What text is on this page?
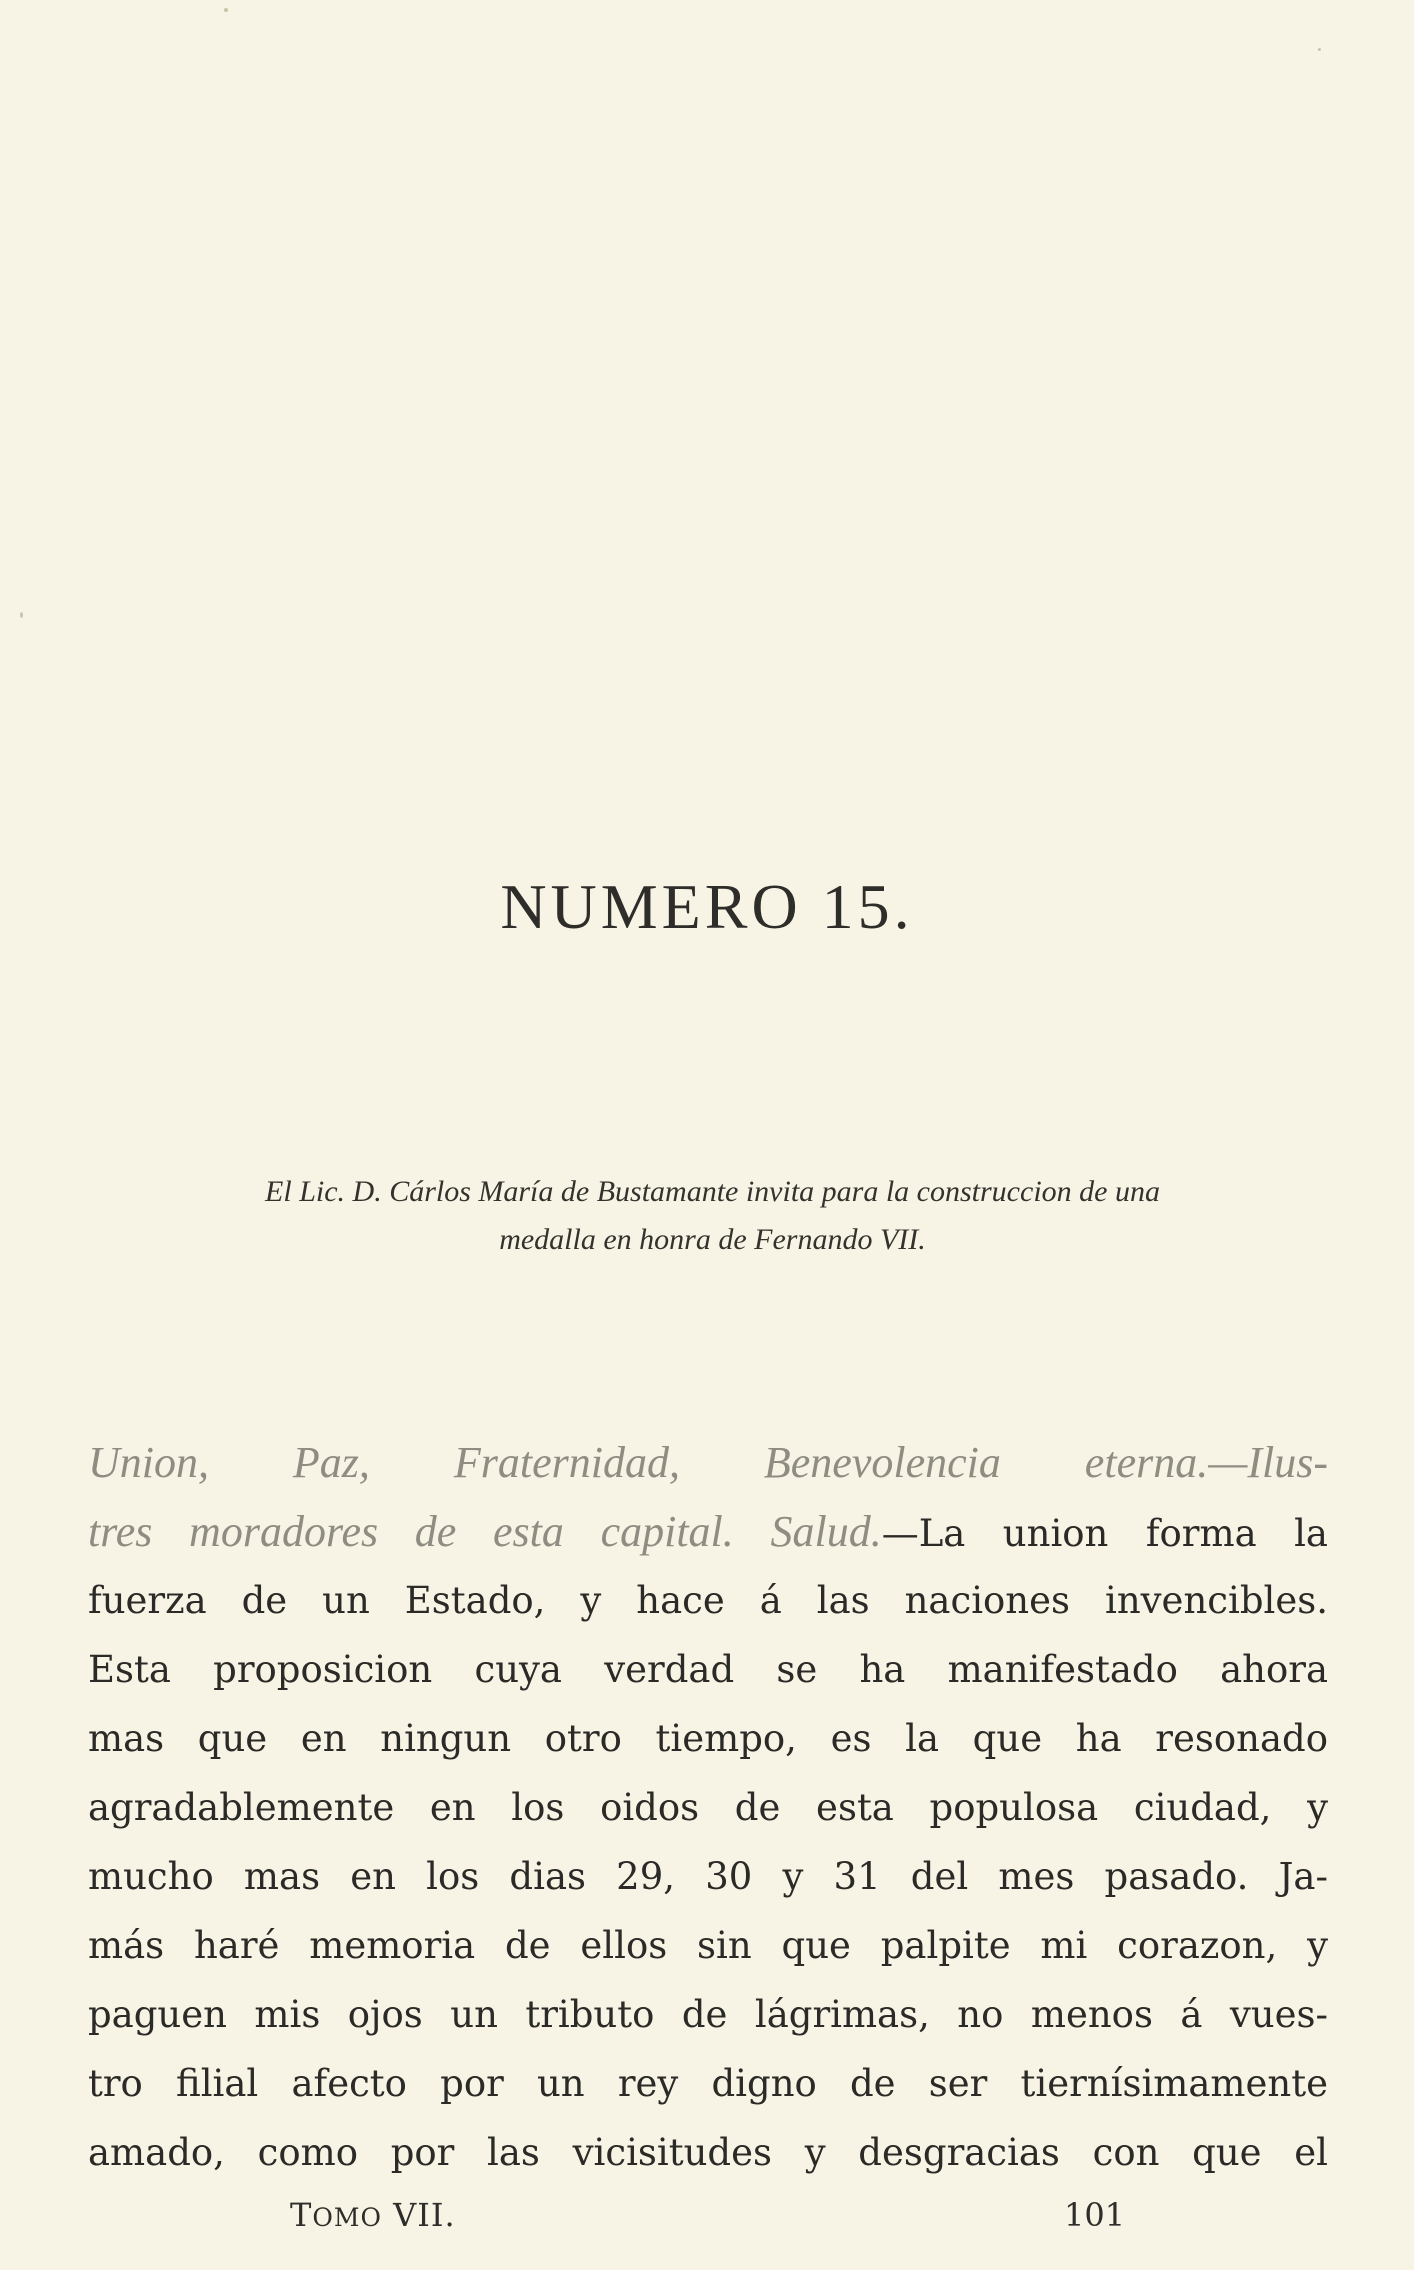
NUMERO 15.
El Lic. D. Cárlos María de Bustamante invita para la construccion de una
medalla en honra de Fernando VII.
Union, Paz, Fraternidad, Benevolencia eterna.—Ilus-
tres moradores de esta capital. Salud.—La union forma la
fuerza de un Estado, y hace á las naciones invencibles.
Esta proposicion cuya verdad se ha manifestado ahora
mas que en ningun otro tiempo, es la que ha resonado
agradablemente en los oidos de esta populosa ciudad, y
mucho mas en los dias 29, 30 y 31 del mes pasado. Ja-
más haré memoria de ellos sin que palpite mi corazon, y
paguen mis ojos un tributo de lágrimas, no menos á vues-
tro filial afecto por un rey digno de ser tiernísimamente
amado, como por las vicisitudes y desgracias con que el
TOMO VII.	101
